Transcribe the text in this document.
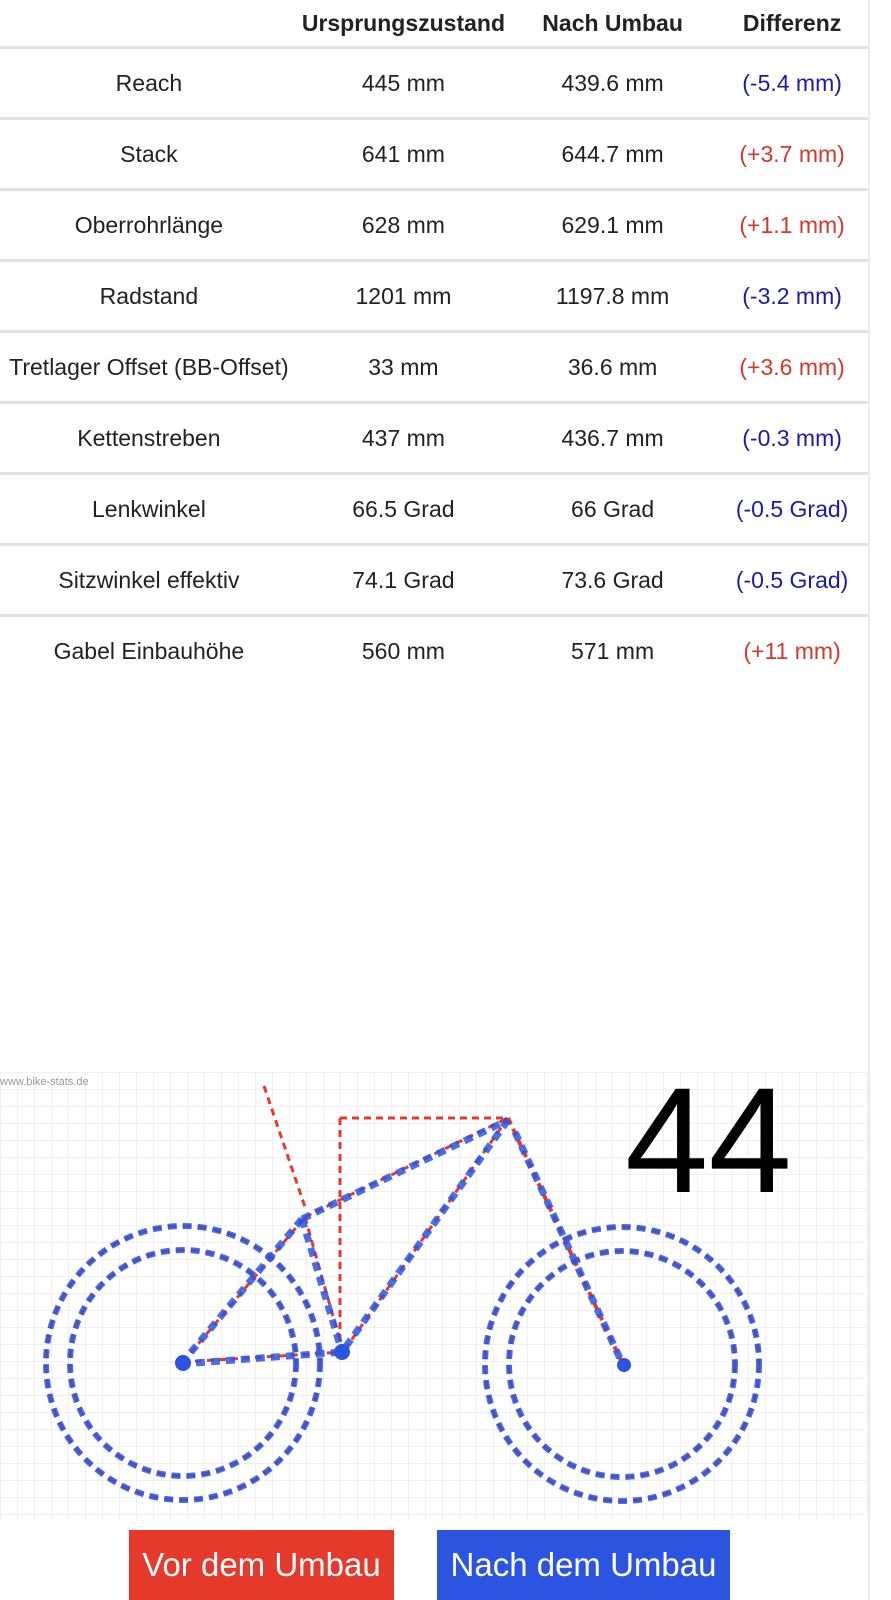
	Ursprungszustand	Nach Umbau	Differenz
Reach	445 mm	439.6 mm	(-5.4 mm)
Stack	641 mm	644.7 mm	(+3.7 mm)
Oberrohrlänge	628 mm	629.1 mm	(+1.1 mm)
Radstand	1201 mm	1197.8 mm	(-3.2 mm)
Tretlager Offset (BB-Offset)	33 mm	36.6 mm	(+3.6 mm)
Kettenstreben	437 mm	436.7 mm	(-0.3 mm)
Lenkwinkel	66.5 Grad	66 Grad	(-0.5 Grad)
Sitzwinkel effektiv	74.1 Grad	73.6 Grad	(-0.5 Grad)
Gabel Einbauhöhe	560 mm	571 mm	(+11 mm)
www.bike-stats.de	44
Vor dem Umbau	Nach dem Umbau
